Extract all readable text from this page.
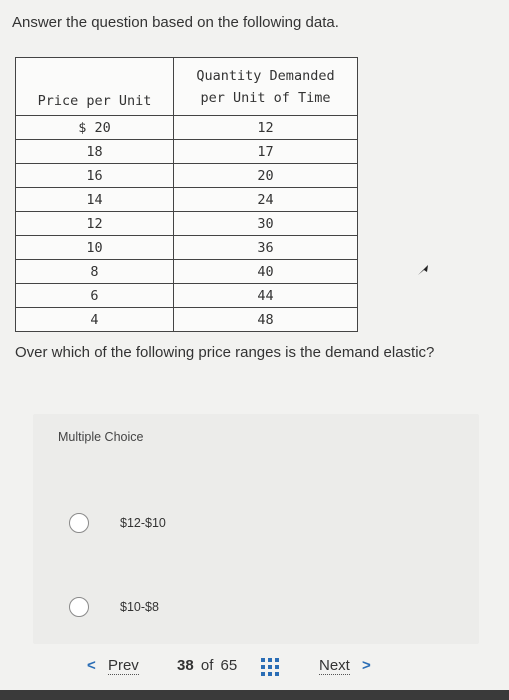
Answer the question based on the following data.
Price per Unit	Quantity Demanded
per Unit of Time
$ 20	12
18	17
16	20
14	24
12	30
10	36
8	40
6	44
4	48
Over which of the following price ranges is the demand elastic?
Multiple Choice
$12-$10
$10-$8
< Prev	38 of 65	Next >
